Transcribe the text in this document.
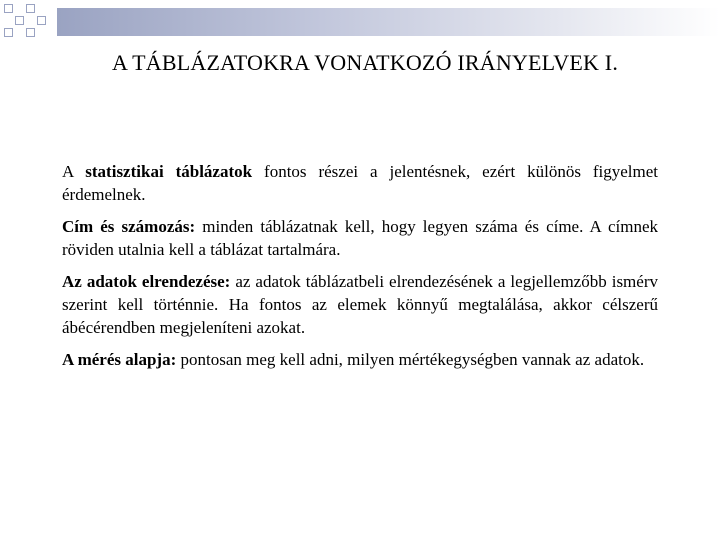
A TÁBLÁZATOKRA VONATKOZÓ IRÁNYELVEK I.

A statisztikai táblázatok fontos részei a jelentésnek, ezért különös figyelmet érdemelnek.

Cím és számozás: minden táblázatnak kell, hogy legyen száma és címe. A címnek röviden utalnia kell a táblázat tartalmára.

Az adatok elrendezése: az adatok táblázatbeli elrendezésének a legjellemzőbb ismérv szerint kell történnie. Ha fontos az elemek könnyű megtalálása, akkor célszerű ábécérendben megjeleníteni azokat.

A mérés alapja: pontosan meg kell adni, milyen mértékegységben vannak az adatok.
